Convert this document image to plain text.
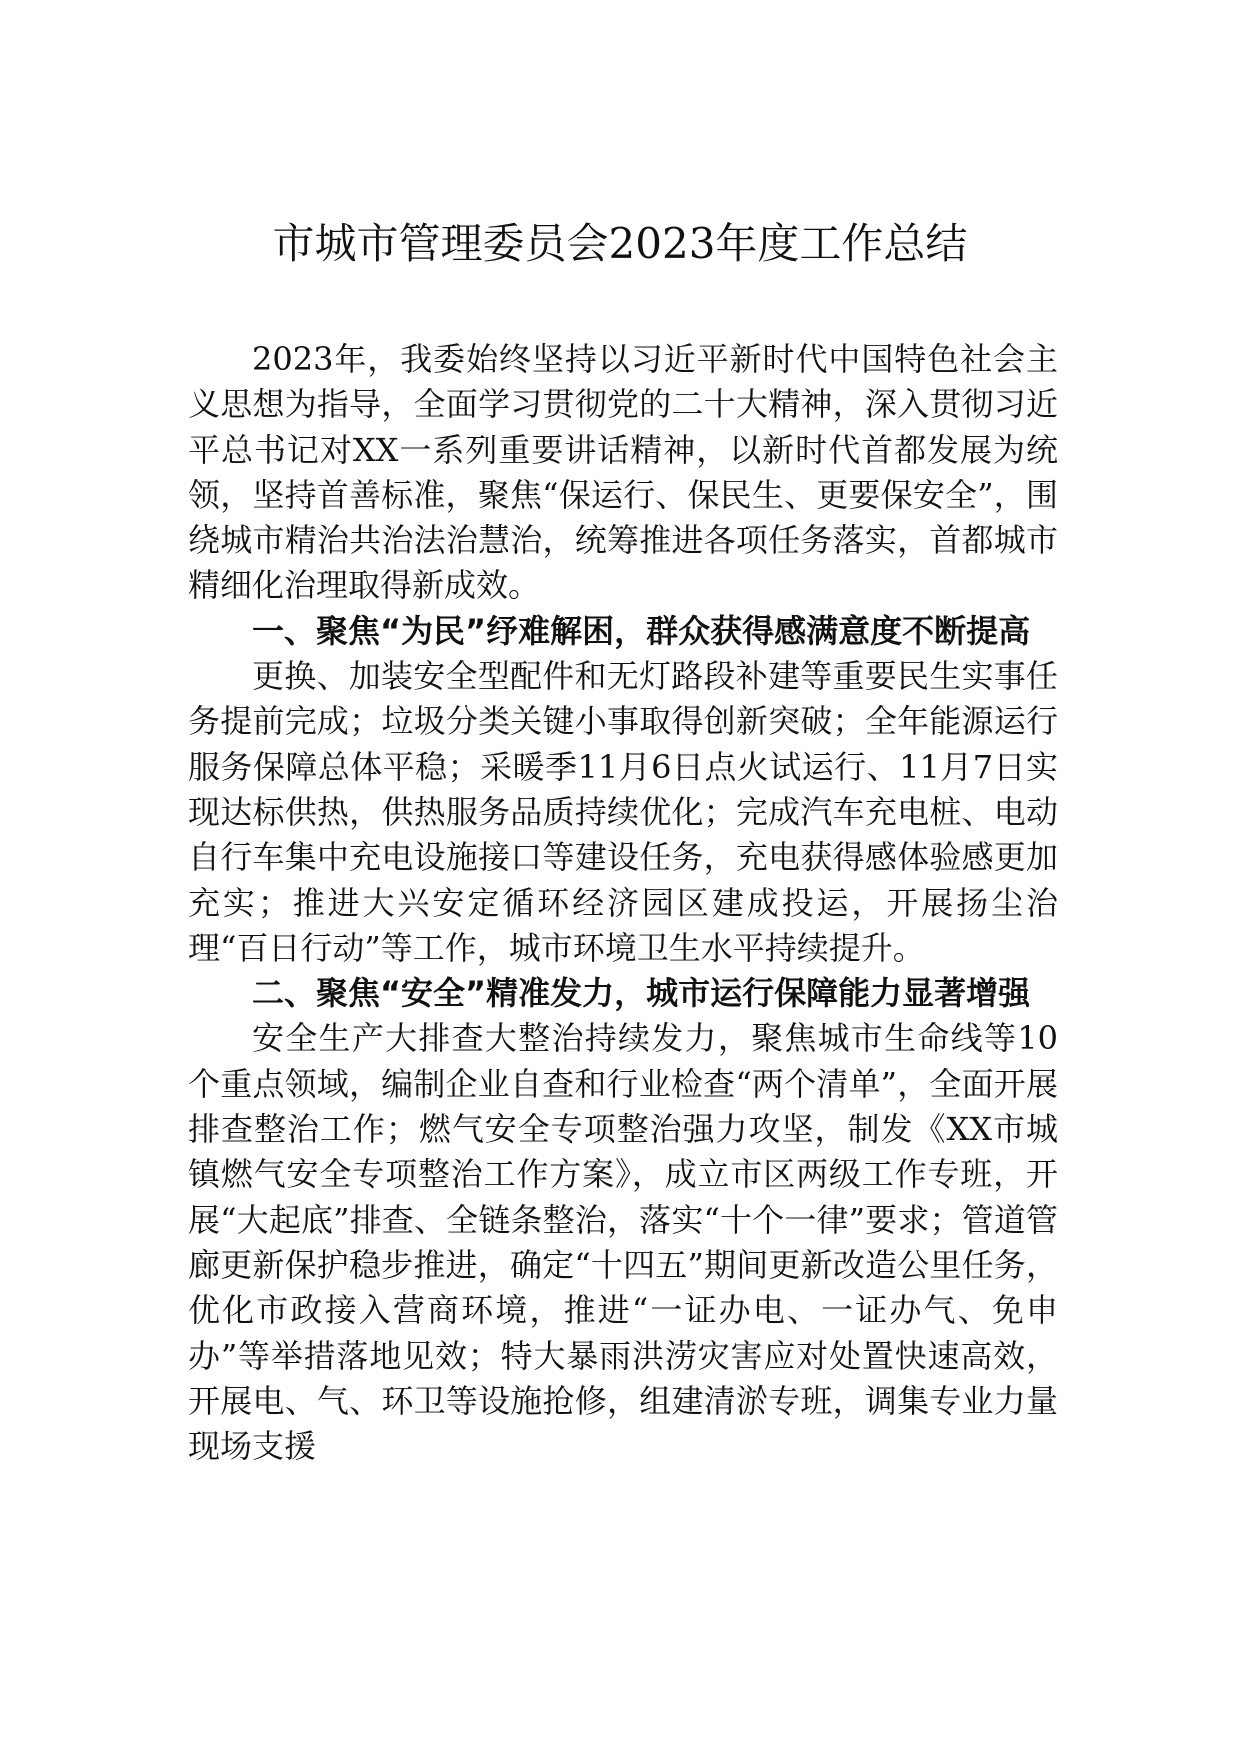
市城市管理委员会2023年度工作总结

2023年，我委始终坚持以习近平新时代中国特色社会主义思想为指导，全面学习贯彻党的二十大精神，深入贯彻习近平总书记对XX一系列重要讲话精神，以新时代首都发展为统领，坚持首善标准，聚焦“保运行、保民生、更要保安全”，围绕城市精治共治法治慧治，统筹推进各项任务落实，首都城市精细化治理取得新成效。

一、聚焦“为民”纾难解困，群众获得感满意度不断提高

更换、加装安全型配件和无灯路段补建等重要民生实事任务提前完成；垃圾分类关键小事取得创新突破；全年能源运行服务保障总体平稳；采暖季11月6日点火试运行、11月7日实现达标供热，供热服务品质持续优化；完成汽车充电桩、电动自行车集中充电设施接口等建设任务，充电获得感体验感更加充实；推进大兴安定循环经济园区建成投运，开展扬尘治理“百日行动”等工作，城市环境卫生水平持续提升。

二、聚焦“安全”精准发力，城市运行保障能力显著增强

安全生产大排查大整治持续发力，聚焦城市生命线等10个重点领域，编制企业自查和行业检查“两个清单”，全面开展排查整治工作；燃气安全专项整治强力攻坚，制发《XX市城镇燃气安全专项整治工作方案》，成立市区两级工作专班，开展“大起底”排查、全链条整治，落实“十个一律”要求；管道管廊更新保护稳步推进，确定“十四五”期间更新改造公里任务，优化市政接入营商环境，推进“一证办电、一证办气、免申办”等举措落地见效；特大暴雨洪涝灾害应对处置快速高效，开展电、气、环卫等设施抢修，组建清淤专班，调集专业力量现场支援
